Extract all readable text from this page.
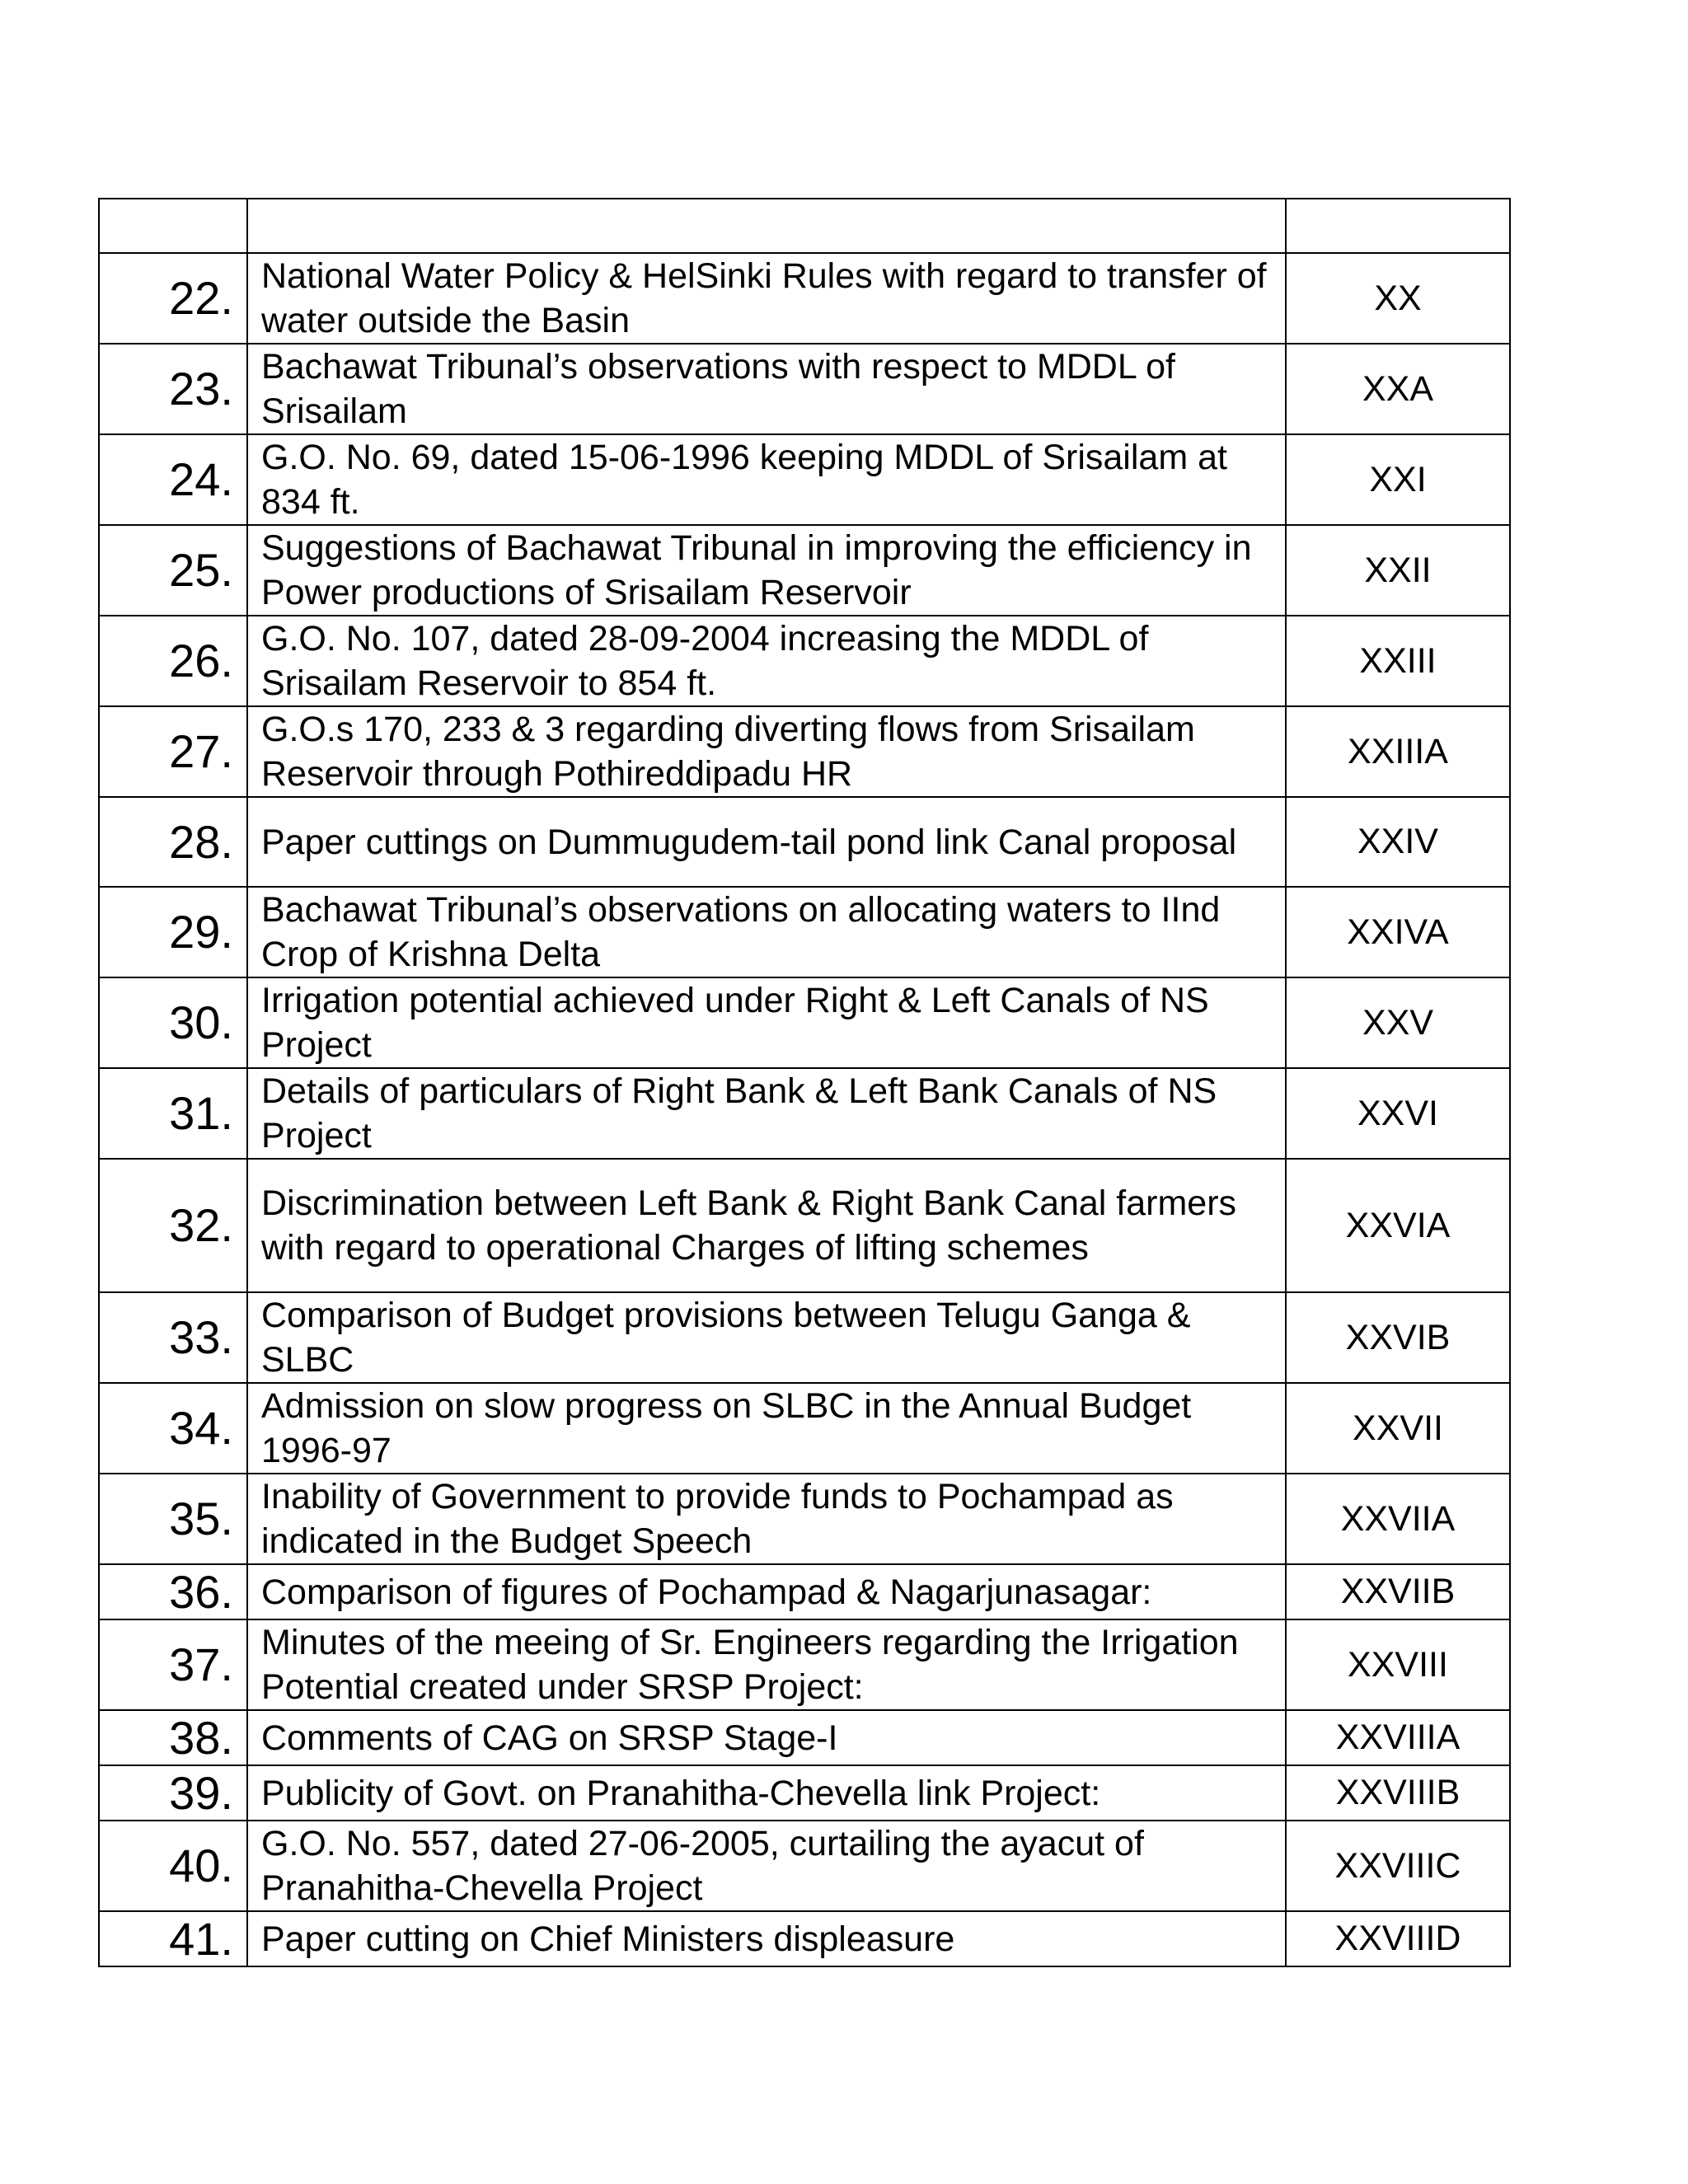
22.	National Water Policy & HelSinki Rules with regard to transfer of water outside the Basin	XX
23.	Bachawat Tribunal’s observations with respect to MDDL of Srisailam	XXA
24.	G.O. No. 69, dated 15-06-1996 keeping MDDL of Srisailam at 834 ft.	XXI
25.	Suggestions of Bachawat Tribunal in improving the efficiency in Power productions of Srisailam Reservoir	XXII
26.	G.O. No. 107, dated 28-09-2004 increasing the MDDL of Srisailam Reservoir to 854 ft.	XXIII
27.	G.O.s 170, 233 & 3 regarding diverting flows from Srisailam Reservoir through Pothireddipadu HR	XXIIIA
28.	Paper cuttings on Dummugudem-tail pond link Canal proposal	XXIV
29.	Bachawat Tribunal’s observations on allocating waters to IInd Crop of Krishna Delta	XXIVA
30.	Irrigation potential achieved under Right & Left Canals of NS Project	XXV
31.	Details of particulars of Right Bank & Left Bank Canals of NS Project	XXVI
32.	Discrimination between Left Bank & Right Bank Canal farmers with regard to operational Charges of lifting schemes	XXVIA
33.	Comparison of Budget provisions between Telugu Ganga & SLBC	XXVIB
34.	Admission on slow progress on SLBC in the Annual Budget 1996-97	XXVII
35.	Inability of Government to provide funds to Pochampad as indicated in the Budget Speech	XXVIIA
36.	Comparison of figures of Pochampad & Nagarjunasagar:	XXVIIB
37.	Minutes of the meeing of Sr. Engineers regarding the Irrigation Potential created under SRSP Project:	XXVIII
38.	Comments of CAG on SRSP Stage-I	XXVIIIA
39.	Publicity of Govt. on Pranahitha-Chevella link Project:	XXVIIIB
40.	G.O. No. 557, dated 27-06-2005, curtailing the ayacut of Pranahitha-Chevella Project	XXVIIIC
41.	Paper cutting on Chief Ministers displeasure	XXVIIID
